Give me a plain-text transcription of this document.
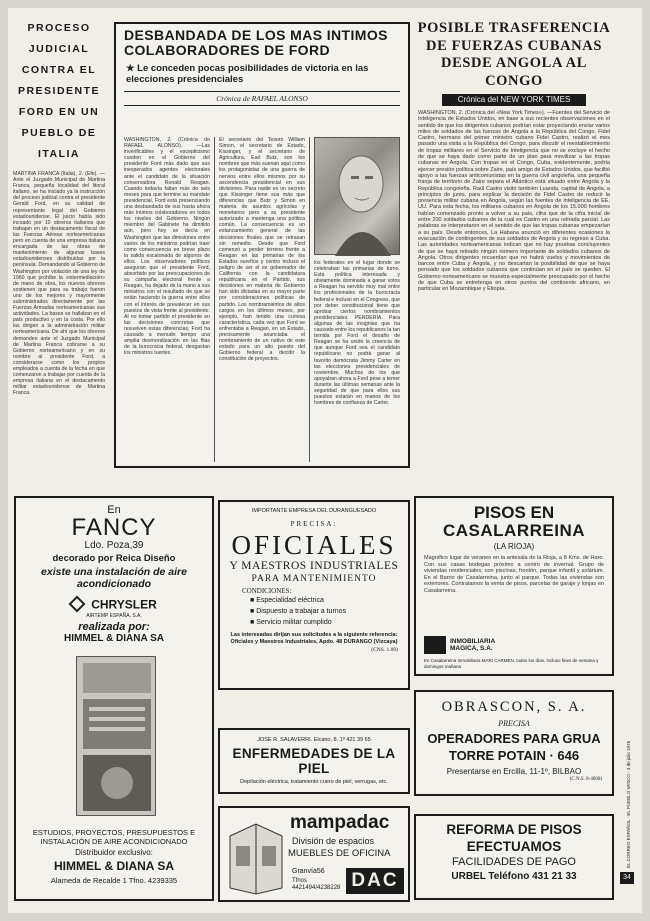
PROCESO JUDICIAL CONTRA EL PRESIDENTE FORD EN UN PUEBLO DE ITALIA
MARTINA FRANCA (Italia), 2. (Efe). —Ante el Juzgado Municipal de Martina Franca, pequeña localidad del litoral italiano, se ha iniciado ya la instrucción del proceso judicial contra el presidente Gerald Ford, en su calidad de representante legal del Gobierno estadounidense. El juicio había sido incoado por 10 obreros italianos que trabajan en un destacamento fiscal de las Fuerzas Aéreas norteamericanas pero en cuenta de una empresa italiana encargada de las obras de mantenimiento de algunas bases estadounidenses distribuidas por la península. Demandando al Gobierno de Washington por violación de una ley de 1960 que prohíbe la «intermediación» de mano de obra, los nuevos obreros sostienen que para su trabajo fueron uno de los mejores y mayormente subministrados directamente por las Fuerzas Armadas norteamericanas sus actividades. La bases se hallaban en el país productivo y en la costa. Por ello las dirigen a la administración militar norteamericana. De ahí que los obreros demanden ante el Juzgado Municipal de Martina Franca cobrarse a su Gobierno norteamericano y en su nombre al presidente Ford, a considerarse como los propios empleados a cuenta de la fecha en que comenzaron a trabajar por cuenta de la empresa italiana en el destacamento militar estadounidense de Martina Franca.
DESBANDADA DE LOS MAS INTIMOS COLABORADORES DE FORD
★ Le conceden pocas posibilidades de victoria en las elecciones presidenciales
Crónica de RAFAEL ALONSO
WASHINGTON, 2. (Crónica de RAFAEL ALONSO). —Las inverificables y el escepticismo cunden en el Gobierno del presidente Ford más dado que sus inesperados agentes electorales ante el candidato de la situación conservadora Ronald Reagan. Cuando todavía faltan más de seis meses para que termine su mandato presidencial, Ford está presenciando una desbandada de sus hasta ahora más íntimos colaboradores en todos los niveles del Gobierno. Ningún miembro del Gabinete ha dimitido aún, pero hoy se decía en Washington que las dimisiones entre varios de los ministros podrían traer como consecuencia en breve plazo la salida escalonada de algunos de ellos. Los observadores políticos aseguran que el presidente Ford, absorbido por las preocupaciones de su campaña electoral frente a Reagan, ha dejado de la mano a sus ministros con el resultado de que se están haciendo la guerra entre ellos con el interés de prevalecer en sus puestos de vista frente al presidente. Al no tomar partido el presidente en las decisiones concretas que resuelven estas diferencias, Ford ha causado a menudo tiempo una amplia desmoralización en las filas de la burocracia federal, desgastan los ministros tuertes.
El secretario del Tesoro William Simon, el secretario de Estado, Kissinger, y el secretario de Agricultura, Earl Butz, son los nombres que más suenan aquí como los protagonistas de una guerra de nervios entre ellos mismos por su ascendencia presidencial en sus divisiones. Para nadie es un secreto que Kissinger tiene sus más que diferencias que Butz y Simon en materia de asuntos agrícolas y monetarios pero a su presidente autorizado a mantenga una política común. La consecuencia es un estancamiento general de las decisiones finales que se retrasan sin remedio. Desde que Ford comenzó a perder terreno frente a Reagan en las primarias de los Estados sureños y centro incluso el peligro de ser el ex gobernador de California con la candidatura republicana en el Partido, sus decisiones en materia de Gobierno han sido dictadas en su mayor parte por consideraciones políticas de partido. Los nombramientos de altos cargos en los últimos meses, por ejemplo, han tenido una curiosa característica, cada vez que Ford se enfrentaba a Reagan, en un Estado, precisamente anunciaba el nombramiento de un nativo de este estado para un alto puesto del Gobierno federal a decidir la constitución de proyectos.
los federales en el lugar donde se celebraban las primarias de turno. Esta política interesada y obviamente dominada a ganar votos a Reagan ha servido muy mal entre los profesionales de la burocracia federal e incluso en el Congreso, que por deber constitucional tiene que aprobar ciertos nombramientos presidenciales. PERDERÍA. Para algunas de las insignias que ha causado entre los republicanos la tan temida por Ford el desafío de Reagan se ha unido la creencia de que aunque Ford sea el candidato republicano no podrá ganar al favorito demócrata Jimmy Carter en las elecciones presidenciales de noviembre. Muchos de los que apoyaban ahora a Ford pese a temer durante las últimas semanas ante la seguridad de que para ellos sus puestos estarán en manos de los hombres de confianza de Carter.
POSIBLE TRASFERENCIA DE FUERZAS CUBANAS DESDE ANGOLA AL CONGO
Crónica del NEW YORK TIMES
WASHINGTON, 2. (Crónica del «New York Times»). —Fuentes del Servicio de Inteligencia de Estados Unidos, en base a sus recientes observaciones en el sentido de que los dirigentes cubanos podrían estar proyectando enviar varios miles de soldados de las fuerzas de Angola a la República del Congo. Fidel Castro, hermano del primer ministro cubano Fidel Castro, realizó el mes pasado una visita a la República del Congo, para discutir el reestablecimiento de tropas militares en el Servicio de Inteligencia que no se excluye el hecho de que se haya dado como parte de un plan para movilizar a las tropas cubanas en Angola. Con tropas en el Congo, Cuba, evidentemente, podría ejercer presión política sobre Zaire, país amigo de Estados Unidos, que facilitó apoyo a las fuerzas anticomunistas en la guerra civil angoleña, una pequeña franja de territorio de Zaire separa el Atlántico está situado entre Angola y la República congoleña. Raúl Castro visitó también Luanda, capital de Angola, a principios de junio, para explicar la decisión de Fidel Castro de reducir la presencia militar cubana en Angola, según las fuentes de inteligencia de EE. UU. Para esta fecha, los militares cubanos en Angola de los 15.000 hombres habían comenzado pronto a volver a su país, cifra que de la cifra inicial de entre 200 soldados cubanos de la cual es Castro en una retirada parcial. Las palabras se interpretaron en el sentido de que las tropas cubanas empezarían a su país. Desde entonces, La Habana anunció en diferentes ocasiones la evacuación de contingentes de sus soldados de Angola y su regreso a Cuba. Las autoridades norteamericanas indican que no hay pruebas concluyentes de que se haya retirado ningún número importante de soldados cubanos de Angola. Otros dirigentes recuerdan que no habrá vuelos y movimientos de barcos entre Cuba y Angola, y no descartan la posibilidad de que se haya pensado que los soldados cubanos que continúan en el país se queden. El Gobierno norteamericano se muestra especialmente preocupado por el hecho de que Cuba se entretenga en otros puntos del continente africano, en particular en Mozambique y Etiopía.
En
FANCY
Ldo. Poza,39
decorado por Reica Diseño
existe una instalación de aire acondicionado
CHRYSLER
AIRTEMP ESPAÑA, S.A.
realizada por:
HIMMEL & DIANA SA
ESTUDIOS, PROYECTOS, PRESUPUESTOS E INSTALACIÓN DE AIRE ACONDICIONADO
Distribuidor exclusivo:
HIMMEL & DIANA SA
Alameda de Recalde 1 Tfno. 4239335
IMPORTANTE EMPRESA DEL DURANGUESADO
PRECISA:
OFICIALES
Y MAESTROS INDUSTRIALES
PARA MANTENIMIENTO
CONDICIONES:
■ Especialidad eléctrica
■ Dispuesto a trabajar a turnos
■ Servicio militar cumplido
Las interesadas dirijan sus solicitudes a la siguiente referencia: Oficiales y Maestros Industriales, Apdo. 48 DURANGO (Vizcaya)
(CNS. 1.00)
JOSE R. SALAVERRI. Elcano, 8. 1ª 421 39 65
ENFERMEDADES DE LA PIEL
Depilación eléctrica, tratamiento cuero de piel, verrugas, etc.
mampadac
División de espacios
MUEBLES DE OFICINA
Granvía56
Tfnos 4421494/4238228 DAC
PISOS EN
CASALARREINA
(LA RIOJA)
Magnífico lugar de veraneo en la antesala de la Rioja, a 8 Kms. de Haro. Con sus casas bodegas próximo a centro de invernal. Grupo de viviendas residenciales, con piscinas, frontón, parque infantil y solárium. En el Barrio de Casalarreina, junto al parque. Todas las viviendas son exteriores. Contratamos la venta de pisos, parcelas de garaje y lonjas en Casalarreina.
INMOBILIARIA MAGICA, S.A.
En Casalarreina Inmobiliaria MARI CARMEN, todos los días, incluso fines de semana y domingos mañana
OBRASCON, S. A.
PRECISA
OPERADORES PARA GRUA
TORRE POTAIN · 646
Presentarse en Ercilla, 11-1º, BILBAO
(C.N.S. 8-4000)
REFORMA DE PISOS
EFECTUAMOS
FACILIDADES DE PAGO
URBEL Teléfono 431 21 33
EL CORREO ESPAÑOL · EL PUEBLO VASCO · 3 de julio 1976
34
